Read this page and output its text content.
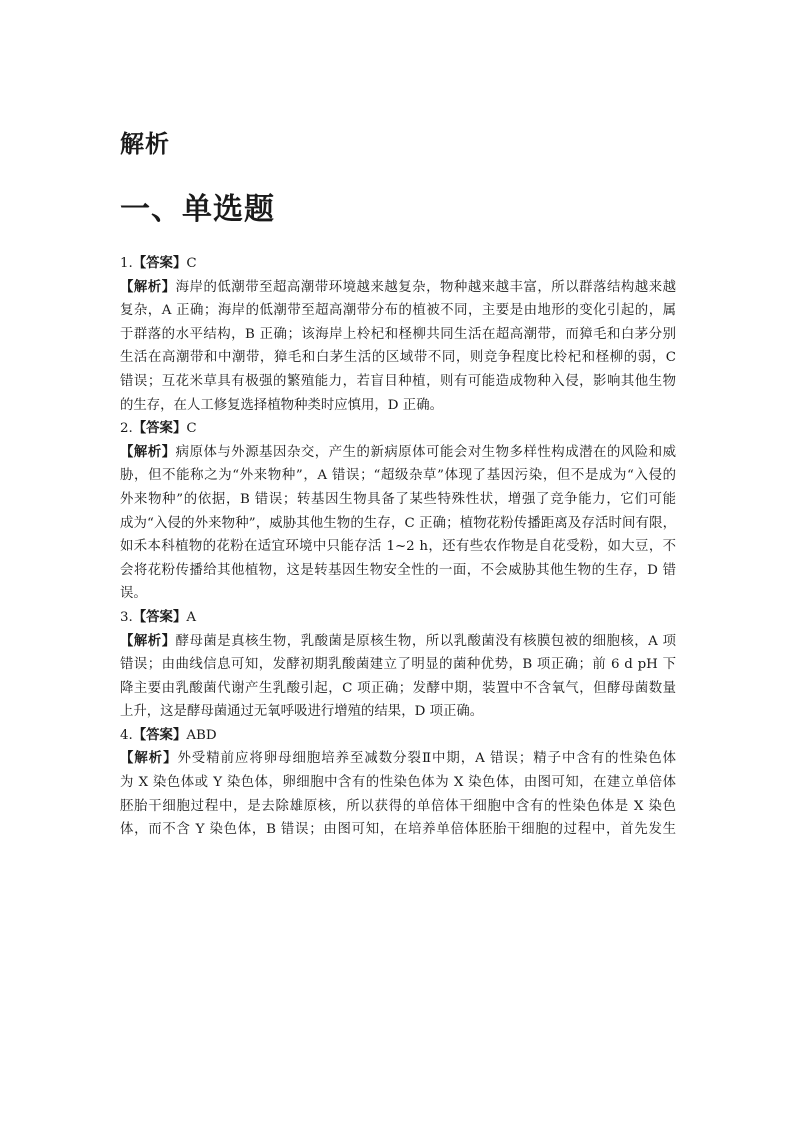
解析
一、单选题
1.【答案】C
【解析】海岸的低潮带至超高潮带环境越来越复杂，物种越来越丰富，所以群落结构越来越
复杂，A 正确；海岸的低潮带至超高潮带分布的植被不同，主要是由地形的变化引起的，属
于群落的水平结构，B 正确；该海岸上柃杞和柽柳共同生活在超高潮带，而獐毛和白茅分别
生活在高潮带和中潮带，獐毛和白茅生活的区域带不同，则竞争程度比柃杞和柽柳的弱，C
错误；互花米草具有极强的繁殖能力，若盲目种植，则有可能造成物种入侵，影响其他生物
的生存，在人工修复选择植物种类时应慎用，D 正确。
2.【答案】C
【解析】病原体与外源基因杂交，产生的新病原体可能会对生物多样性构成潜在的风险和威
胁，但不能称之为“外来物种”，A 错误；“超级杂草”体现了基因污染，但不是成为“入侵的
外来物种”的依据，B 错误；转基因生物具备了某些特殊性状，增强了竞争能力，它们可能
成为“入侵的外来物种”，威胁其他生物的生存，C 正确；植物花粉传播距离及存活时间有限，
如禾本科植物的花粉在适宜环境中只能存活 1~2 h，还有些农作物是自花受粉，如大豆，不
会将花粉传播给其他植物，这是转基因生物安全性的一面，不会威胁其他生物的生存，D 错
误。
3.【答案】A
【解析】酵母菌是真核生物，乳酸菌是原核生物，所以乳酸菌没有核膜包被的细胞核，A 项
错误；由曲线信息可知，发酵初期乳酸菌建立了明显的菌种优势，B 项正确；前 6 d pH 下
降主要由乳酸菌代谢产生乳酸引起，C 项正确；发酵中期，装置中不含氧气，但酵母菌数量
上升，这是酵母菌通过无氧呼吸进行增殖的结果，D 项正确。
4.【答案】ABD
【解析】外受精前应将卵母细胞培养至减数分裂Ⅱ中期，A 错误；精子中含有的性染色体
为 X 染色体或 Y 染色体，卵细胞中含有的性染色体为 X 染色体，由图可知，在建立单倍体
胚胎干细胞过程中，是去除雄原核，所以获得的单倍体干细胞中含有的性染色体是 X 染色
体，而不含 Y 染色体，B 错误；由图可知，在培养单倍体胚胎干细胞的过程中，首先发生
